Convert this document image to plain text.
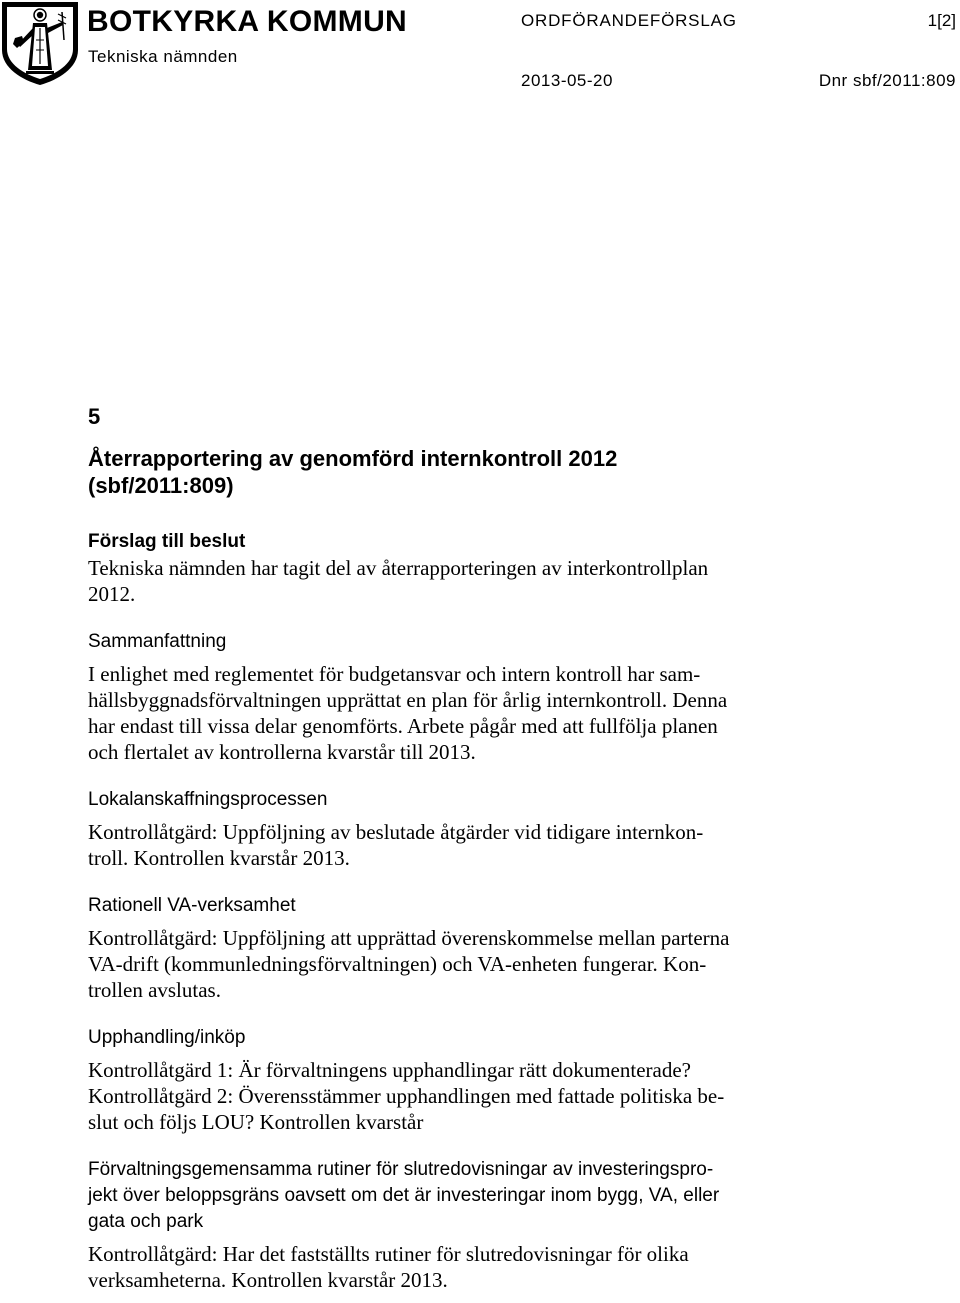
BOTKYRKA KOMMUN
Tekniska nämnden
ORDFÖRANDEFÖRSLAG	1[2]
2013-05-20	Dnr sbf/2011:809

5

Återrapportering av genomförd internkontroll 2012
(sbf/2011:809)
Förslag till beslut

Tekniska nämnden har tagit del av återrapporteringen av interkontrollplan
2012.

Sammanfattning

I enlighet med reglementet för budgetansvar och intern kontroll har sam-
hällsbyggnadsförvaltningen upprättat en plan för årlig internkontroll. Denna
har endast till vissa delar genomförts. Arbete pågår med att fullfölja planen
och flertalet av kontrollerna kvarstår till 2013.

Lokalanskaffningsprocessen

Kontrollåtgärd: Uppföljning av beslutade åtgärder vid tidigare internkon-
troll. Kontrollen kvarstår 2013.

Rationell VA-verksamhet

Kontrollåtgärd: Uppföljning att upprättad överenskommelse mellan parterna
VA-drift (kommunledningsförvaltningen) och VA-enheten fungerar. Kon-
trollen avslutas.

Upphandling/inköp

Kontrollåtgärd 1: Är förvaltningens upphandlingar rätt dokumenterade?
Kontrollåtgärd 2: Överensstämmer upphandlingen med fattade politiska be-
slut och följs LOU? Kontrollen kvarstår

Förvaltningsgemensamma rutiner för slutredovisningar av investeringspro-
jekt över beloppsgräns oavsett om det är investeringar inom bygg, VA, eller
gata och park

Kontrollåtgärd: Har det fastställts rutiner för slutredovisningar för olika
verksamheterna. Kontrollen kvarstår 2013.
